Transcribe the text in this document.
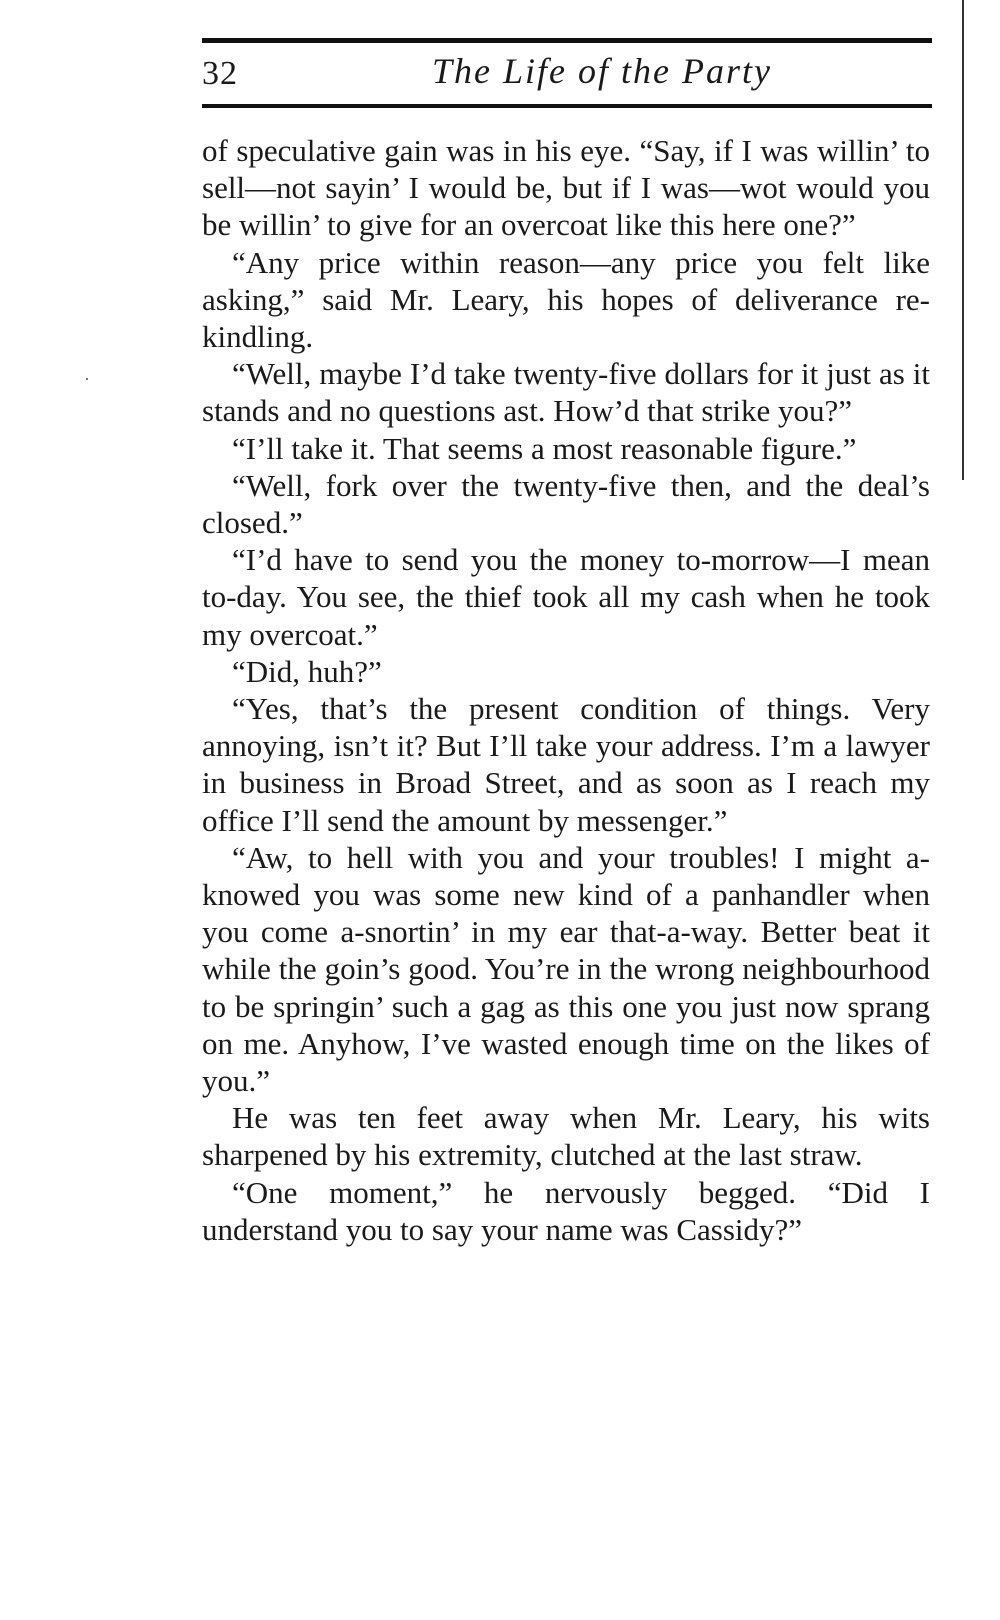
32	The Life of the Party

of speculative gain was in his eye. “Say, if I was willin’ to sell—not sayin’ I would be, but if I was—wot would you be willin’ to give for an overcoat like this here one?”

“Any price within reason—any price you felt like asking,” said Mr. Leary, his hopes of deliverance rekindling.

“Well, maybe I’d take twenty-five dollars for it just as it stands and no questions ast. How’d that strike you?”

“I’ll take it. That seems a most reasonable figure.”

“Well, fork over the twenty-five then, and the deal’s closed.”

“I’d have to send you the money to-morrow—I mean to-day. You see, the thief took all my cash when he took my overcoat.”

“Did, huh?”

“Yes, that’s the present condition of things. Very annoying, isn’t it? But I’ll take your address. I’m a lawyer in business in Broad Street, and as soon as I reach my office I’ll send the amount by messenger.”

“Aw, to hell with you and your troubles! I might a-knowed you was some new kind of a panhandler when you come a-snortin’ in my ear that-a-way. Better beat it while the goin’s good. You’re in the wrong neighbourhood to be springin’ such a gag as this one you just now sprang on me. Anyhow, I’ve wasted enough time on the likes of you.”

He was ten feet away when Mr. Leary, his wits sharpened by his extremity, clutched at the last straw.

“One moment,” he nervously begged. “Did I understand you to say your name was Cassidy?”
